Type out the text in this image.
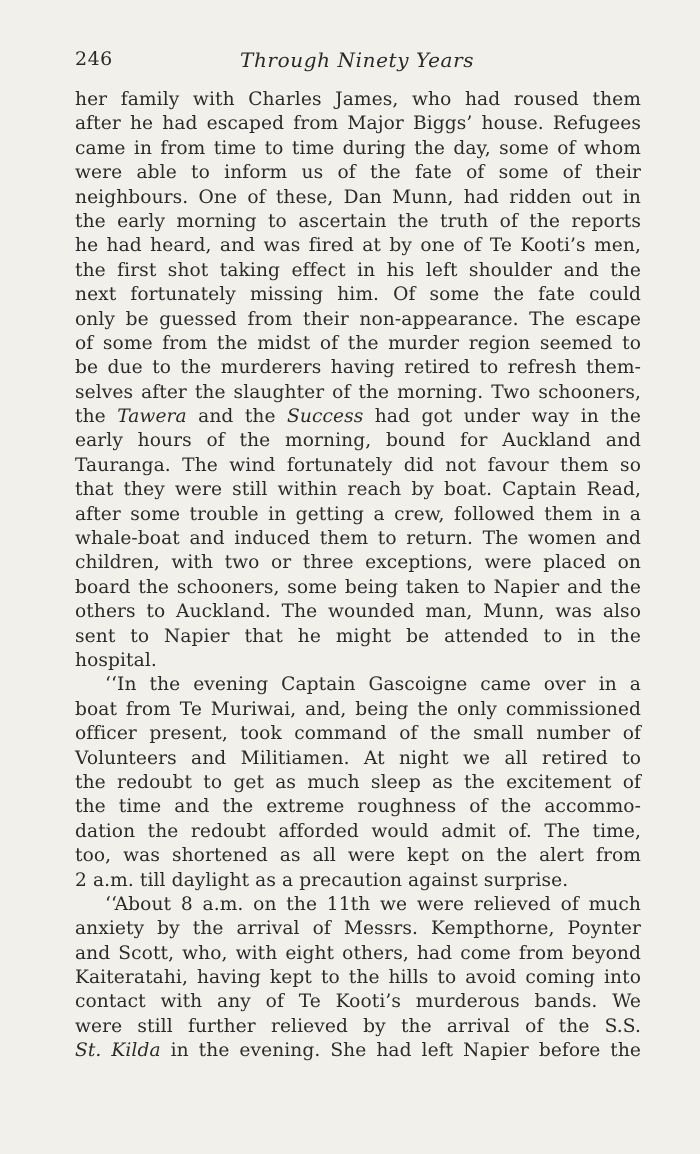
246	Through Ninety Years
her family with Charles James, who had roused them
after he had escaped from Major Biggs’ house. Refugees
came in from time to time during the day, some of whom
were able to inform us of the fate of some of their
neighbours. One of these, Dan Munn, had ridden out in
the early morning to ascertain the truth of the reports
he had heard, and was fired at by one of Te Kooti’s men,
the first shot taking effect in his left shoulder and the
next fortunately missing him. Of some the fate could
only be guessed from their non-appearance. The escape
of some from the midst of the murder region seemed to
be due to the murderers having retired to refresh them-
selves after the slaughter of the morning. Two schooners,
the Tawera and the Success had got under way in the
early hours of the morning, bound for Auckland and
Tauranga. The wind fortunately did not favour them so
that they were still within reach by boat. Captain Read,
after some trouble in getting a crew, followed them in a
whale-boat and induced them to return. The women and
children, with two or three exceptions, were placed on
board the schooners, some being taken to Napier and the
others to Auckland. The wounded man, Munn, was also
sent to Napier that he might be attended to in the
hospital.
‘‘In the evening Captain Gascoigne came over in a
boat from Te Muriwai, and, being the only commissioned
officer present, took command of the small number of
Volunteers and Militiamen. At night we all retired to
the redoubt to get as much sleep as the excitement of
the time and the extreme roughness of the accommo-
dation the redoubt afforded would admit of. The time,
too, was shortened as all were kept on the alert from
2 a.m. till daylight as a precaution against surprise.
‘‘About 8 a.m. on the 11th we were relieved of much
anxiety by the arrival of Messrs. Kempthorne, Poynter
and Scott, who, with eight others, had come from beyond
Kaiteratahi, having kept to the hills to avoid coming into
contact with any of Te Kooti’s murderous bands. We
were still further relieved by the arrival of the S.S.
St. Kilda in the evening. She had left Napier before the
